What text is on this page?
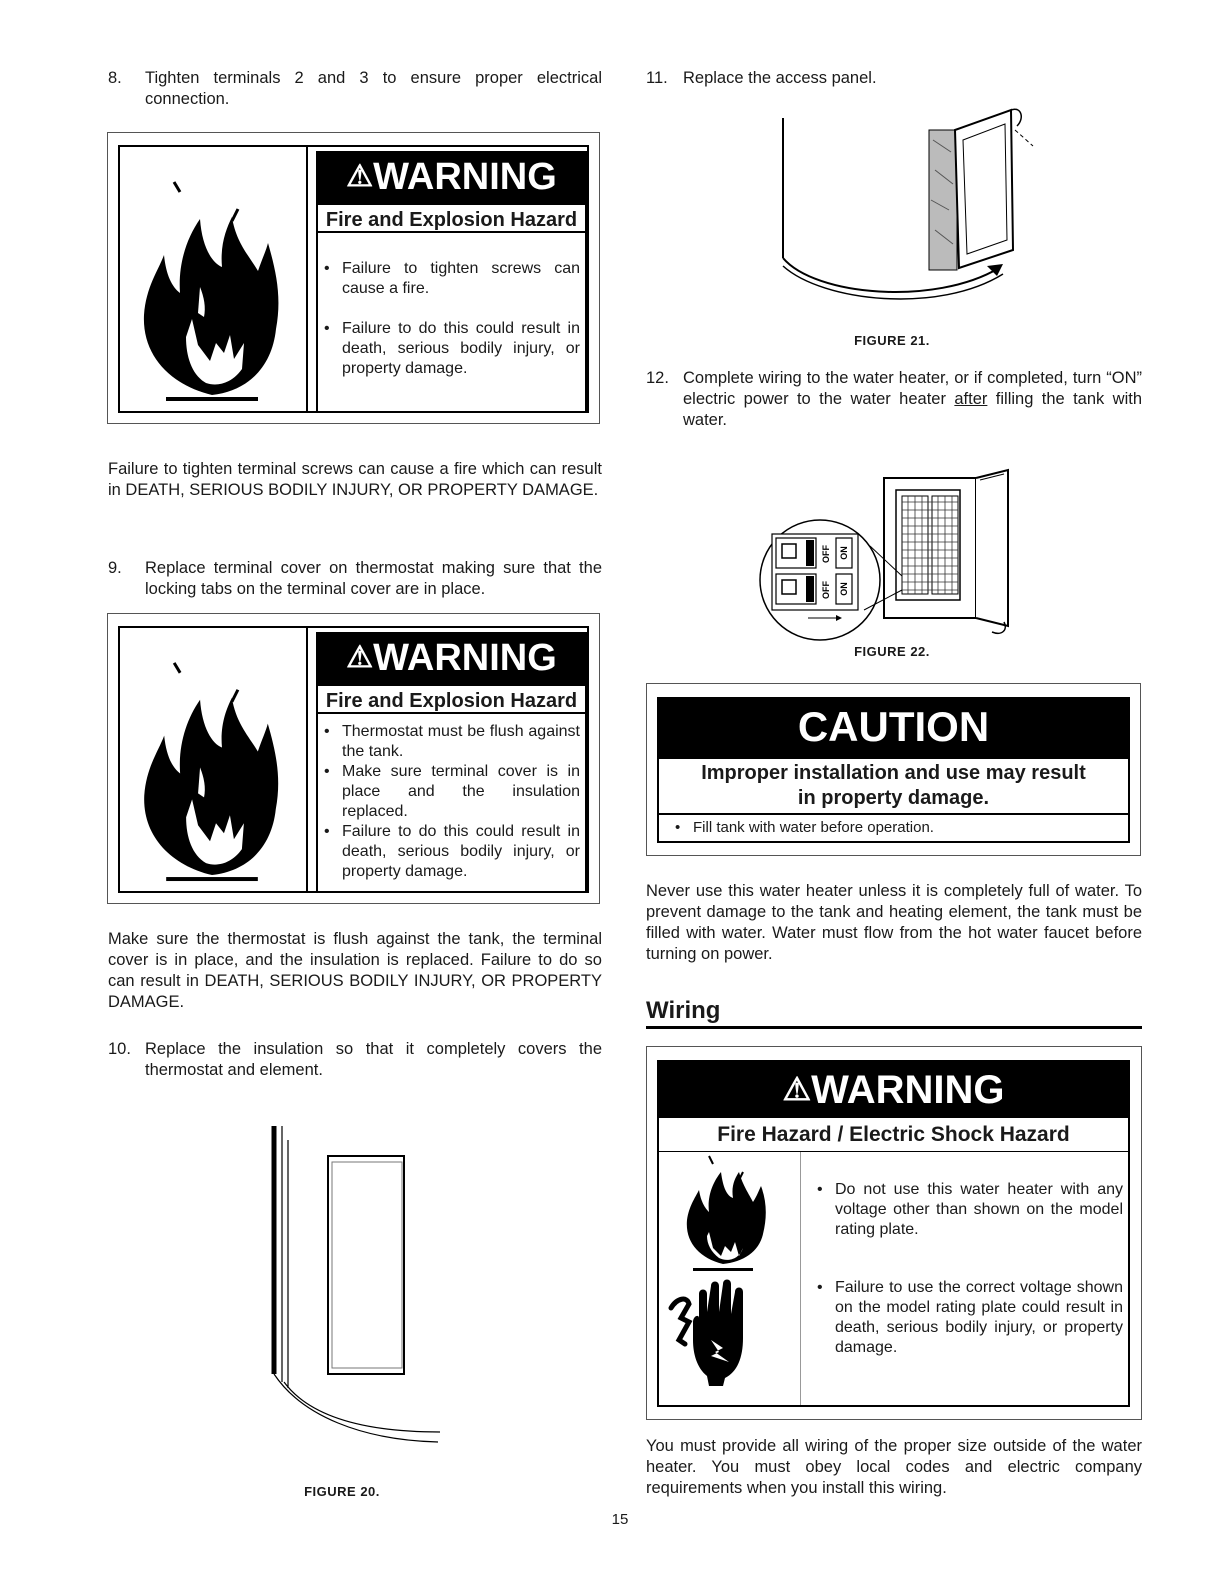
8. Tighten terminals 2 and 3 to ensure proper electrical connection.
⚠WARNING
Fire and Explosion Hazard
• Failure to tighten screws can cause a fire.
• Failure to do this could result in death, serious bodily injury, or property damage.
Failure to tighten terminal screws can cause a fire which can result in DEATH, SERIOUS BODILY INJURY, OR PROPERTY DAMAGE.
9. Replace terminal cover on thermostat making sure that the locking tabs on the terminal cover are in place.
⚠WARNING
Fire and Explosion Hazard
• Thermostat must be flush against the tank.
• Make sure terminal cover is in place and the insulation replaced.
• Failure to do this could result in death, serious bodily injury, or property damage.
Make sure the thermostat is flush against the tank, the terminal cover is in place, and the insulation is replaced. Failure to do so can result in DEATH, SERIOUS BODILY INJURY, OR PROPERTY DAMAGE.
10. Replace the insulation so that it completely covers the thermostat and element.
FIGURE 20.
11. Replace the access panel.
FIGURE 21.
12. Complete wiring to the water heater, or if completed, turn “ON” electric power to the water heater after filling the tank with water.
OFF
OFF
ON
ON
FIGURE 22.
CAUTION
Improper installation and use may result
in property damage.
• Fill tank with water before operation.
Never use this water heater unless it is completely full of water. To prevent damage to the tank and heating element, the tank must be filled with water. Water must flow from the hot water faucet before turning on power.
Wiring
⚠WARNING
Fire Hazard / Electric Shock Hazard
• Do not use this water heater with any voltage other than shown on the model rating plate.
• Failure to use the correct voltage shown on the model rating plate could result in death, serious bodily injury, or property damage.
You must provide all wiring of the proper size outside of the water heater. You must obey local codes and electric company requirements when you install this wiring.
15
